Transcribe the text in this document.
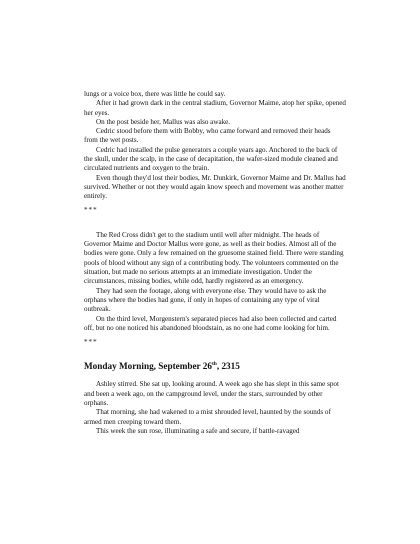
lungs or a voice box, there was little he could say.

After it had grown dark in the central stadium, Governor Maime, atop her spike, opened her eyes.

On the post beside her, Mallus was also awake.

Cedric stood before them with Bobby, who came forward and removed their heads from the wet posts.

Cedric had installed the pulse generators a couple years ago. Anchored to the back of the skull, under the scalp, in the case of decapitation, the wafer-sized module cleaned and circulated nutrients and oxygen to the brain.

Even though they'd lost their bodies, Mr. Dunkirk, Governor Maime and Dr. Mallus had survived. Whether or not they would again know speech and movement was another matter entirely.

***

The Red Cross didn't get to the stadium until well after midnight. The heads of Governor Maime and Doctor Mallus were gone, as well as their bodies. Almost all of the bodies were gone. Only a few remained on the gruesome stained field. There were standing pools of blood without any sign of a contributing body. The volunteers commented on the situation, but made no serious attempts at an immediate investigation. Under the circumstances, missing bodies, while odd, hardly registered as an emergency.

They had seen the footage, along with everyone else. They would have to ask the orphans where the bodies had gone, if only in hopes of containing any type of viral outbreak.

On the third level, Morgenstern's separated pieces had also been collected and carted off, but no one noticed his abandoned bloodstain, as no one had come looking for him.

***

Monday Morning, September 26th, 2315

Ashley stirred. She sat up, looking around. A week ago she has slept in this same spot and been a week ago, on the campground level, under the stars, surrounded by other orphans.

That morning, she had wakened to a mist shrouded level, haunted by the sounds of armed men creeping toward them.

This week the sun rose, illuminating a safe and secure, if battle-ravaged
